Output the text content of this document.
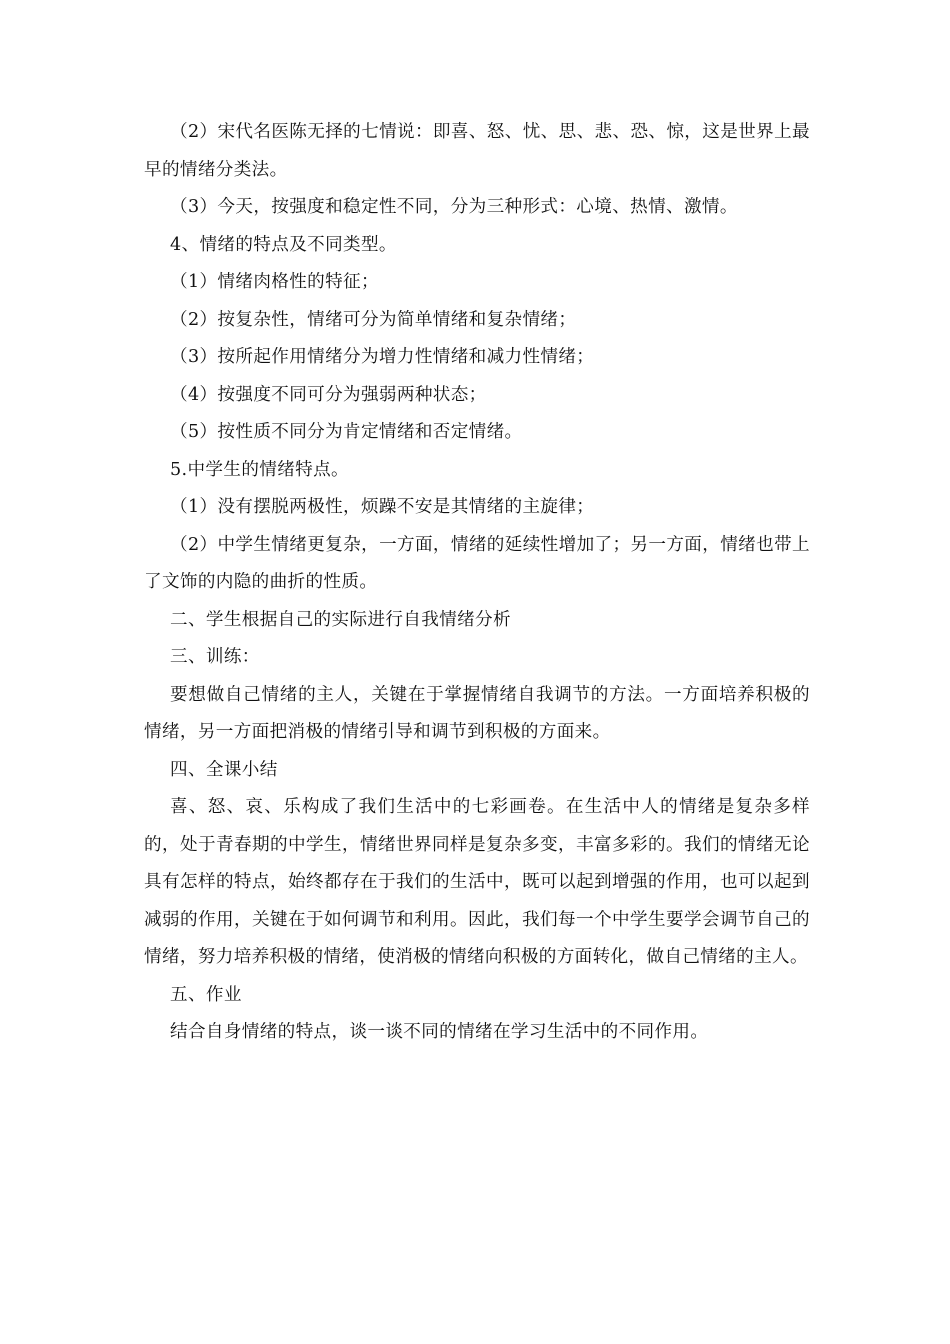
（2）宋代名医陈无择的七情说：即喜、怒、忧、思、悲、恐、惊，这是世界上最早的情绪分类法。

（3）今天，按强度和稳定性不同，分为三种形式：心境、热情、激情。

4、情绪的特点及不同类型。

（1）情绪肉格性的特征；

（2）按复杂性，情绪可分为简单情绪和复杂情绪；

（3）按所起作用情绪分为增力性情绪和减力性情绪；

（4）按强度不同可分为强弱两种状态；

（5）按性质不同分为肯定情绪和否定情绪。

5.中学生的情绪特点。

（1）没有摆脱两极性，烦躁不安是其情绪的主旋律；

（2）中学生情绪更复杂，一方面，情绪的延续性增加了；另一方面，情绪也带上了文饰的内隐的曲折的性质。

二、学生根据自己的实际进行自我情绪分析

三、训练：

要想做自己情绪的主人，关键在于掌握情绪自我调节的方法。一方面培养积极的情绪，另一方面把消极的情绪引导和调节到积极的方面来。

四、全课小结

喜、怒、哀、乐构成了我们生活中的七彩画卷。在生活中人的情绪是复杂多样的，处于青春期的中学生，情绪世界同样是复杂多变，丰富多彩的。我们的情绪无论具有怎样的特点，始终都存在于我们的生活中，既可以起到增强的作用，也可以起到减弱的作用，关键在于如何调节和利用。因此，我们每一个中学生要学会调节自己的情绪，努力培养积极的情绪，使消极的情绪向积极的方面转化，做自己情绪的主人。

五、作业

结合自身情绪的特点，谈一谈不同的情绪在学习生活中的不同作用。
